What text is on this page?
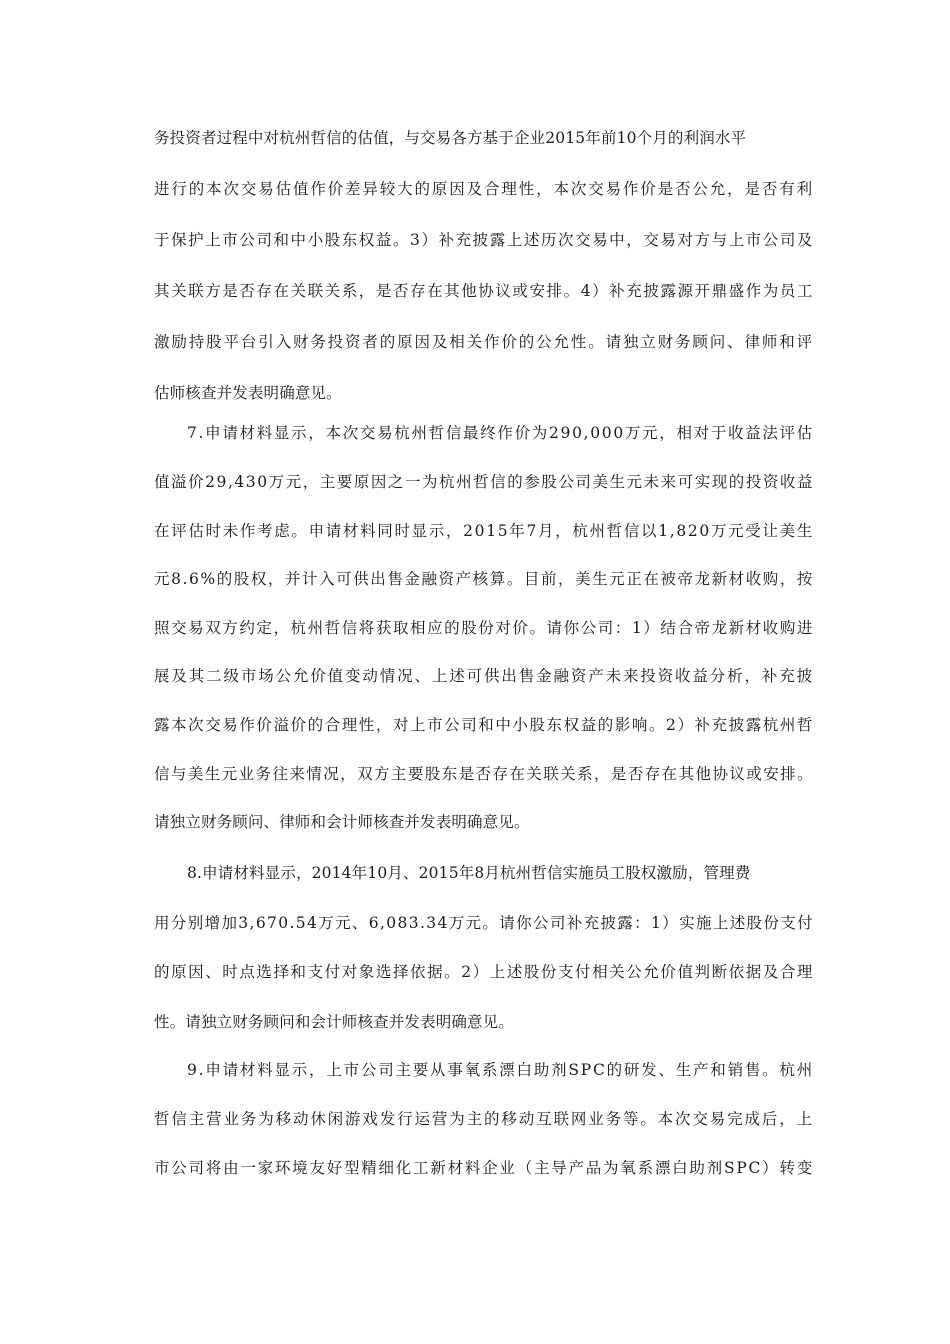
务投资者过程中对杭州哲信的估值，与交易各方基于企业2015年前10个月的利润水平
进行的本次交易估值作价差异较大的原因及合理性，本次交易作价是否公允，是否有利
于保护上市公司和中小股东权益。3）补充披露上述历次交易中，交易对方与上市公司及
其关联方是否存在关联关系，是否存在其他协议或安排。4）补充披露源开鼎盛作为员工
激励持股平台引入财务投资者的原因及相关作价的公允性。请独立财务顾问、律师和评
估师核查并发表明确意见。
7.申请材料显示，本次交易杭州哲信最终作价为290,000万元，相对于收益法评估
值溢价29,430万元，主要原因之一为杭州哲信的参股公司美生元未来可实现的投资收益
在评估时未作考虑。申请材料同时显示，2015年7月，杭州哲信以1,820万元受让美生
元8.6%的股权，并计入可供出售金融资产核算。目前，美生元正在被帝龙新材收购，按
照交易双方约定，杭州哲信将获取相应的股份对价。请你公司：1）结合帝龙新材收购进
展及其二级市场公允价值变动情况、上述可供出售金融资产未来投资收益分析，补充披
露本次交易作价溢价的合理性，对上市公司和中小股东权益的影响。2）补充披露杭州哲
信与美生元业务往来情况，双方主要股东是否存在关联关系，是否存在其他协议或安排。
请独立财务顾问、律师和会计师核查并发表明确意见。
8.申请材料显示，2014年10月、2015年8月杭州哲信实施员工股权激励，管理费
用分别增加3,670.54万元、6,083.34万元。请你公司补充披露：1）实施上述股份支付
的原因、时点选择和支付对象选择依据。2）上述股份支付相关公允价值判断依据及合理
性。请独立财务顾问和会计师核查并发表明确意见。
9.申请材料显示，上市公司主要从事氧系漂白助剂SPC的研发、生产和销售。杭州
哲信主营业务为移动休闲游戏发行运营为主的移动互联网业务等。本次交易完成后，上
市公司将由一家环境友好型精细化工新材料企业（主导产品为氧系漂白助剂SPC）转变
